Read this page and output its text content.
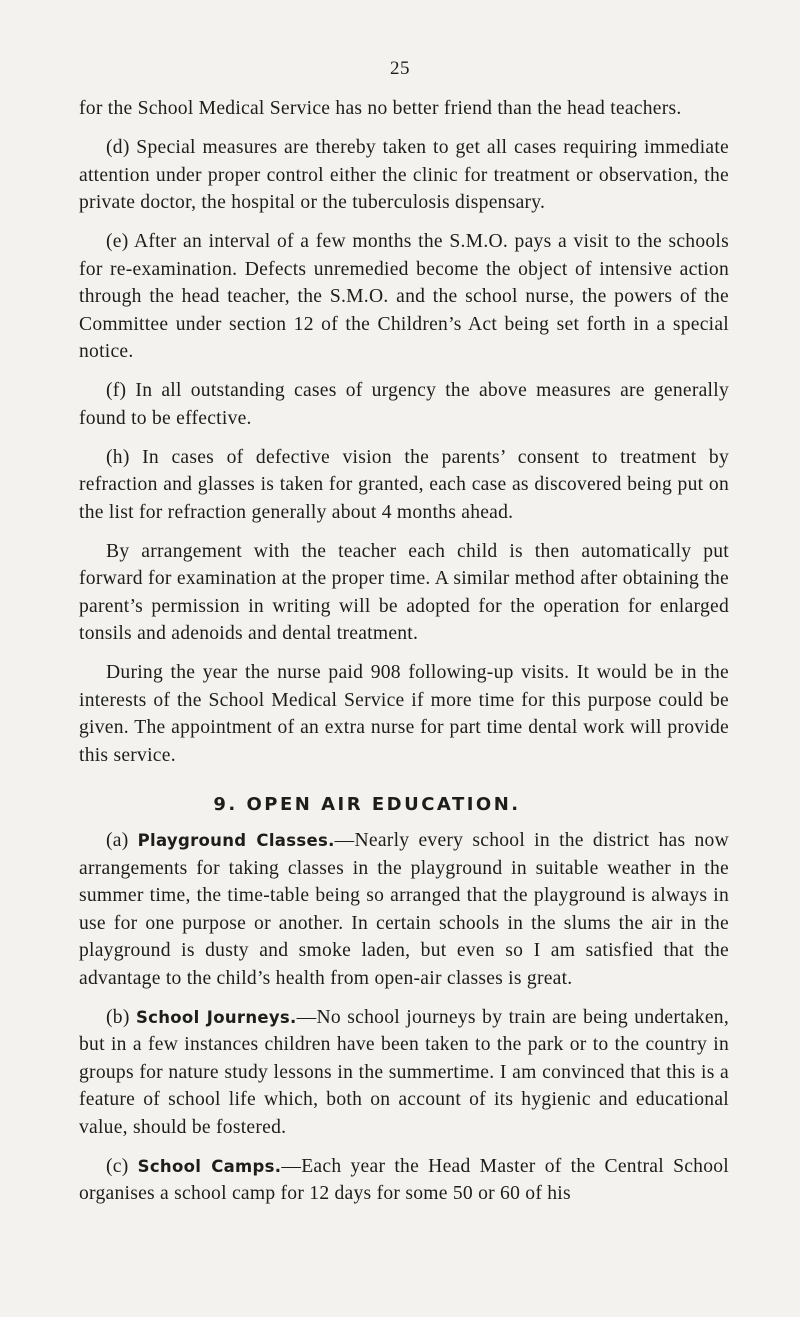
25

for the School Medical Service has no better friend than the head teachers.

(d) Special measures are thereby taken to get all cases requiring immediate attention under proper control either the clinic for treatment or observation, the private doctor, the hospital or the tuberculosis dispensary.

(e) After an interval of a few months the S.M.O. pays a visit to the schools for re-examination. Defects unremedied become the object of intensive action through the head teacher, the S.M.O. and the school nurse, the powers of the Committee under section 12 of the Children’s Act being set forth in a special notice.

(f) In all outstanding cases of urgency the above measures are generally found to be effective.

(h) In cases of defective vision the parents’ consent to treatment by refraction and glasses is taken for granted, each case as discovered being put on the list for refraction generally about 4 months ahead.

By arrangement with the teacher each child is then automatically put forward for examination at the proper time. A similar method after obtaining the parent’s permission in writing will be adopted for the operation for enlarged tonsils and adenoids and dental treatment.

During the year the nurse paid 908 following-up visits. It would be in the interests of the School Medical Service if more time for this purpose could be given. The appointment of an extra nurse for part time dental work will provide this service.

9. OPEN AIR EDUCATION.

(a) Playground Classes.—Nearly every school in the district has now arrangements for taking classes in the playground in suitable weather in the summer time, the time-table being so arranged that the playground is always in use for one purpose or another. In certain schools in the slums the air in the playground is dusty and smoke laden, but even so I am satisfied that the advantage to the child’s health from open-air classes is great.

(b) School Journeys.—No school journeys by train are being undertaken, but in a few instances children have been taken to the park or to the country in groups for nature study lessons in the summertime. I am convinced that this is a feature of school life which, both on account of its hygienic and educational value, should be fostered.

(c) School Camps.—Each year the Head Master of the Central School organises a school camp for 12 days for some 50 or 60 of his
